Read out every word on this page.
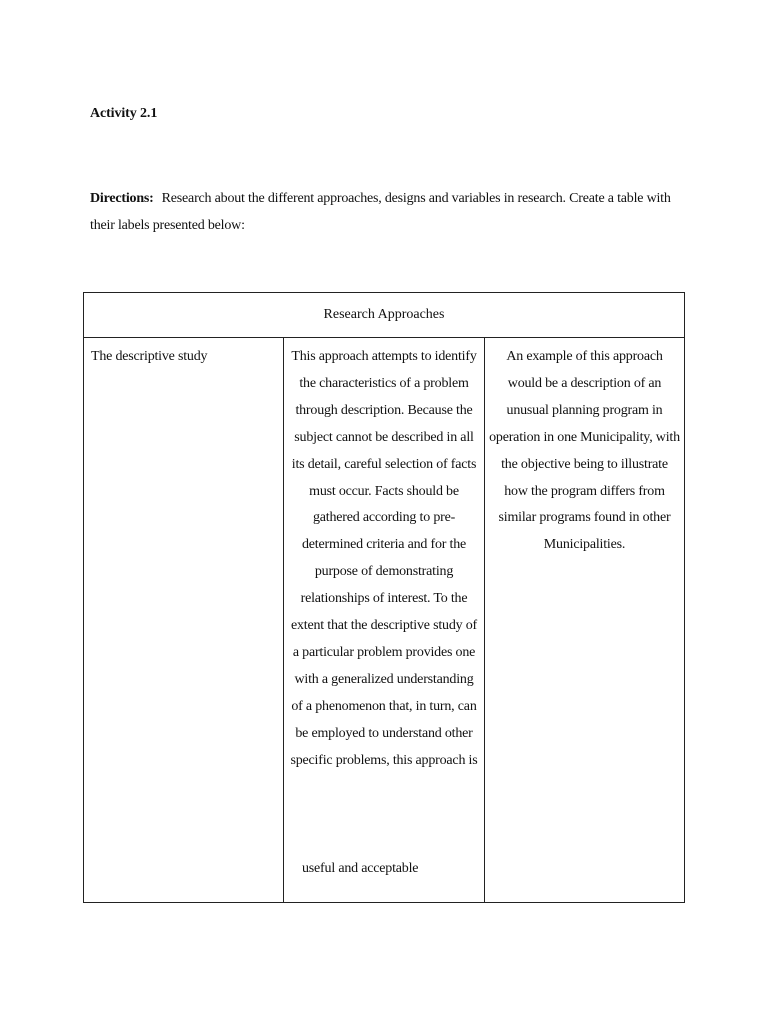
Activity 2.1
Directions: Research about the different approaches, designs and variables in research. Create a table with their labels presented below:
Research Approaches
The descriptive study	This approach attempts to identify the characteristics of a problem through description. Because the subject cannot be described in all its detail, careful selection of facts must occur. Facts should be gathered according to pre-determined criteria and for the purpose of demonstrating relationships of interest. To the extent that the descriptive study of a particular problem provides one with a generalized understanding of a phenomenon that, in turn, can be employed to understand other specific problems, this approach is
useful and acceptable
An example of this approach would be a description of an unusual planning program in operation in one Municipality, with the objective being to illustrate how the program differs from similar programs found in other Municipalities.
